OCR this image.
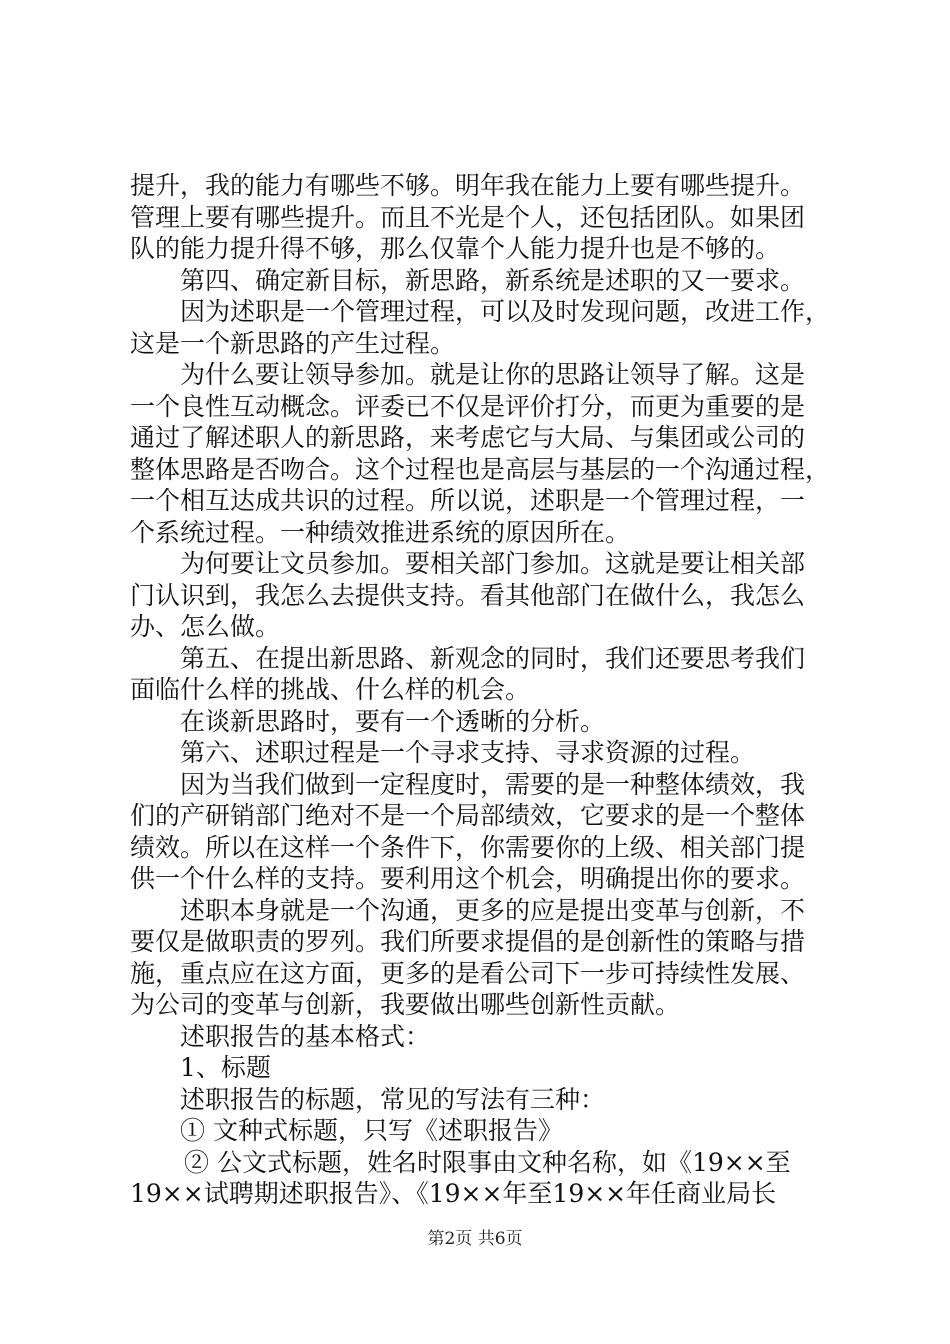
提升，我的能力有哪些不够。明年我在能力上要有哪些提升。
管理上要有哪些提升。而且不光是个人，还包括团队。如果团
队的能力提升得不够，那么仅靠个人能力提升也是不够的。
第四、确定新目标，新思路，新系统是述职的又一要求。
因为述职是一个管理过程，可以及时发现问题，改进工作，
这是一个新思路的产生过程。
为什么要让领导参加。就是让你的思路让领导了解。这是
一个良性互动概念。评委已不仅是评价打分，而更为重要的是
通过了解述职人的新思路，来考虑它与大局、与集团或公司的
整体思路是否吻合。这个过程也是高层与基层的一个沟通过程，
一个相互达成共识的过程。所以说，述职是一个管理过程，一
个系统过程。一种绩效推进系统的原因所在。
为何要让文员参加。要相关部门参加。这就是要让相关部
门认识到，我怎么去提供支持。看其他部门在做什么，我怎么
办、怎么做。
第五、在提出新思路、新观念的同时，我们还要思考我们
面临什么样的挑战、什么样的机会。
在谈新思路时，要有一个透晰的分析。
第六、述职过程是一个寻求支持、寻求资源的过程。
因为当我们做到一定程度时，需要的是一种整体绩效，我
们的产研销部门绝对不是一个局部绩效，它要求的是一个整体
绩效。所以在这样一个条件下，你需要你的上级、相关部门提
供一个什么样的支持。要利用这个机会，明确提出你的要求。
述职本身就是一个沟通，更多的应是提出变革与创新，不
要仅是做职责的罗列。我们所要求提倡的是创新性的策略与措
施，重点应在这方面，更多的是看公司下一步可持续性发展、
为公司的变革与创新，我要做出哪些创新性贡献。
述职报告的基本格式：
1、标题
述职报告的标题，常见的写法有三种：
① 文种式标题，只写《述职报告》
② 公文式标题，姓名时限事由文种名称，如《19××至
19××试聘期述职报告》、《19××年至19××年任商业局长
第2页 共6页
